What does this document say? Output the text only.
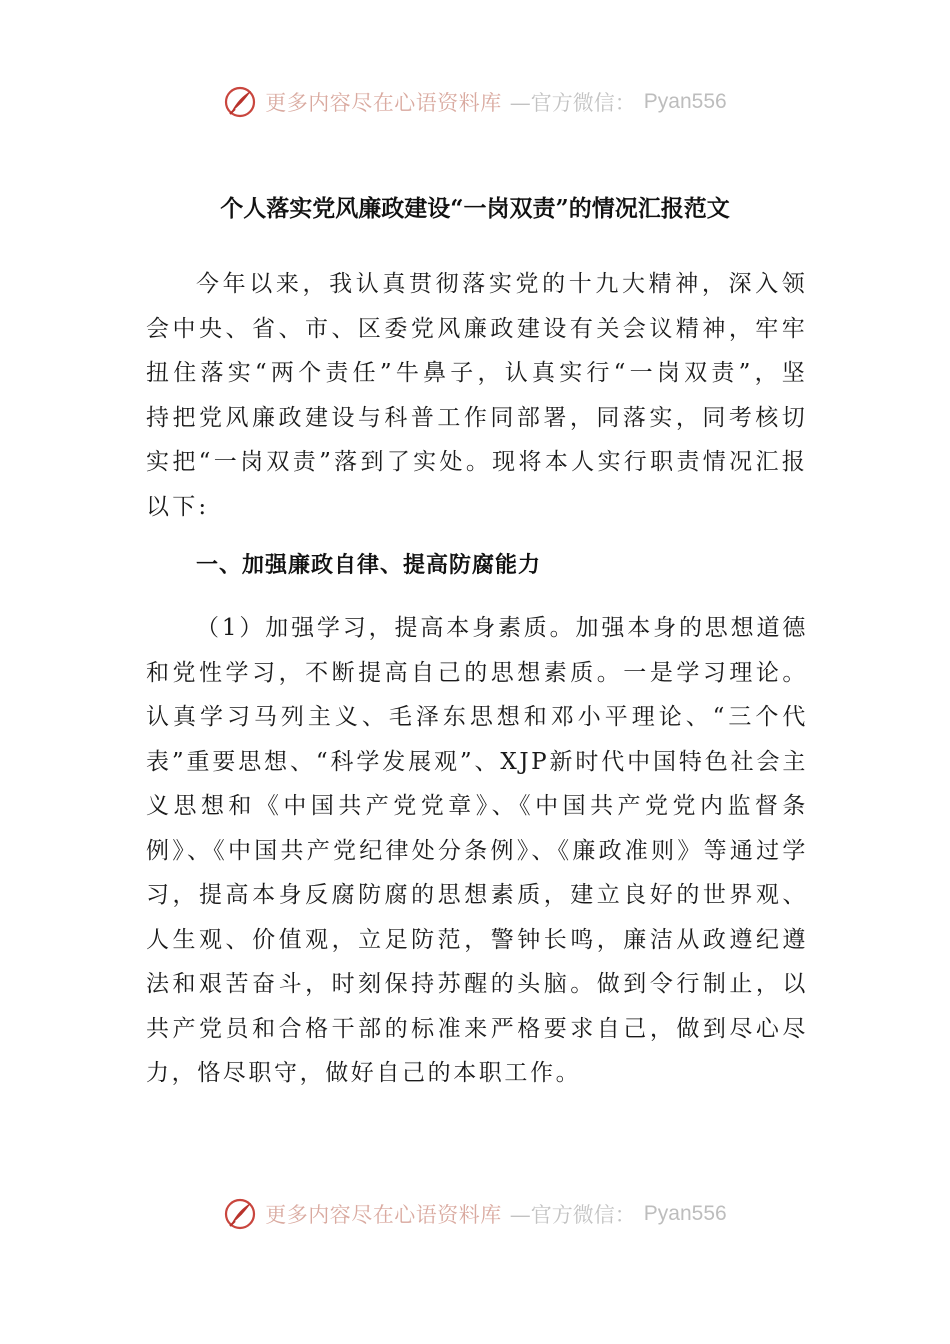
更多内容尽在心语资料库 —官方微信： Pyan556
个人落实党风廉政建设“一岗双责”的情况汇报范文

今年以来，我认真贯彻落实党的十九大精神，深入领会中央、省、市、区委党风廉政建设有关会议精神，牢牢扭住落实“两个责任”牛鼻子，认真实行“一岗双责”，坚持把党风廉政建设与科普工作同部署，同落实，同考核切实把“一岗双责”落到了实处。现将本人实行职责情况汇报以下:

一、加强廉政自律、提高防腐能力

（1）加强学习，提高本身素质。加强本身的思想道德和党性学习，不断提高自己的思想素质。一是学习理论。认真学习马列主义、毛泽东思想和邓小平理论、“三个代表”重要思想、“科学发展观”、XJP新时代中国特色社会主义思想和《中国共产党党章》、《中国共产党党内监督条例》、《中国共产党纪律处分条例》、《廉政准则》等通过学习，提高本身反腐防腐的思想素质，建立良好的世界观、人生观、价值观，立足防范，警钟长鸣，廉洁从政遵纪遵法和艰苦奋斗，时刻保持苏醒的头脑。做到令行制止，以共产党员和合格干部的标准来严格要求自己，做到尽心尽力，恪尽职守，做好自己的本职工作。

更多内容尽在心语资料库 —官方微信： Pyan556
